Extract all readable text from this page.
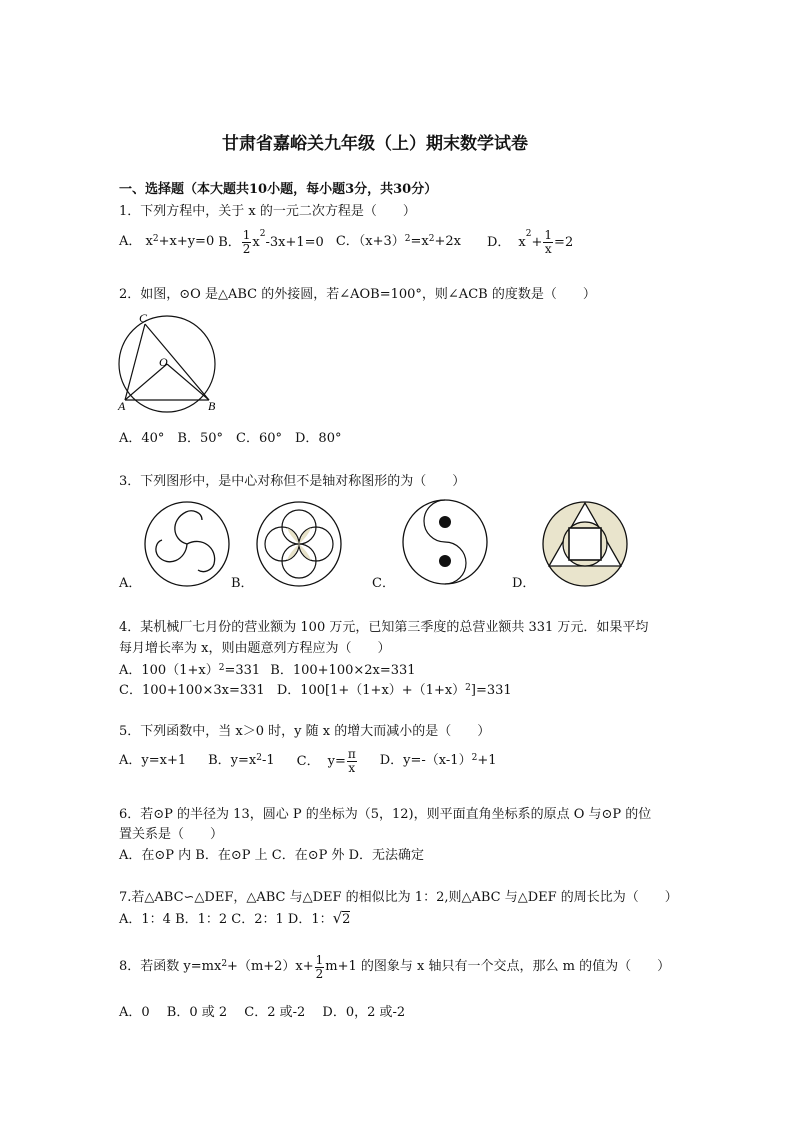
甘肃省嘉峪关九年级（上）期末数学试卷
一、选择题（本大题共10小题，每小题3分，共30分）
1．下列方程中，关于 x 的一元二次方程是（　　）
A． $x^2+x+y=0$ B． $\frac{1}{2} x^2-3x+1=0$ C．$(x+3)^2=x^2+2x$ D． $x^2+ \frac{1}{x} =2$
2．如图，⊙O 是△ABC 的外接圆，若∠AOB=100°，则∠ACB 的度数是（　　）
C
O
A	B
A．40°　B．50°　C．60°　D．80°
3．下列图形中，是中心对称但不是轴对称图形的为（　　）
A．	B．	C．	D．
4．某机械厂七月份的营业额为 100 万元，已知第三季度的总营业额共 331 万元．如果平均
每月增长率为 x，则由题意列方程应为（　　）
A．$100(1+x)^2=331$ B．100+100×2x=331
C．100+100×3x=331 D．$100[1+(1+x)+(1+x)^2]=331$
5．下列函数中，当 x＞0 时，y 随 x 的增大而减小的是（　　）
A．y=x+1 B．$y=x^2-1$ C． $y= \frac{\pi}{x}$ D．$y=-(x-1)^2+1$
6．若⊙P 的半径为 13，圆心 P 的坐标为（5，12)，则平面直角坐标系的原点 O 与⊙P 的位
置关系是（　　）
A．在⊙P 内 B．在⊙P 上 C．在⊙P 外 D．无法确定
7.若△ABC∽△DEF，△ABC 与△DEF 的相似比为 1：2,则△ABC 与△DEF 的周长比为（　　）
A．1：4 B．1：2 C．2：1 D．1：√2
8．若函数 $y=mx^2 +(m+2)x+ \frac{1}{2} m+1$ 的图象与 x 轴只有一个交点，那么 m 的值为（　　）
A．0　 B．0 或 2　 C．2 或-2　 D．0，2 或-2
